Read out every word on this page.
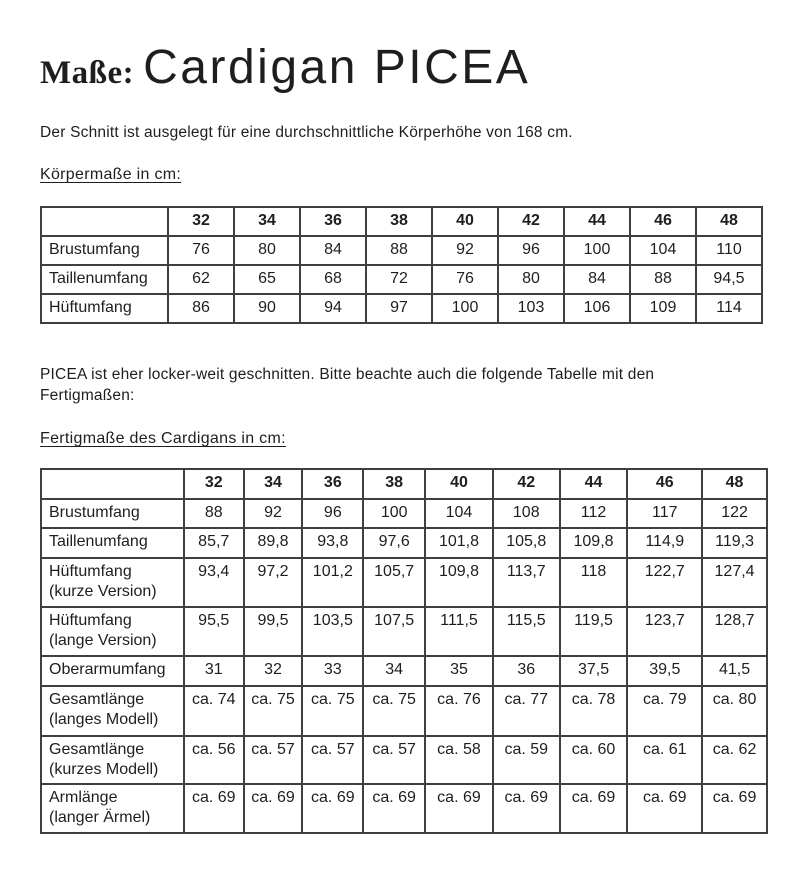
Maße: Cardigan PICEA

Der Schnitt ist ausgelegt für eine durchschnittliche Körperhöhe von 168 cm.

Körpermaße in cm:
	32	34	36	38	40	42	44	46	48
Brustumfang	76	80	84	88	92	96	100	104	110
Taillenumfang	62	65	68	72	76	80	84	88	94,5
Hüftumfang	86	90	94	97	100	103	106	109	114

PICEA ist eher locker-weit geschnitten. Bitte beachte auch die folgende Tabelle mit den
Fertigmaßen:

Fertigmaße des Cardigans in cm:
	32	34	36	38	40	42	44	46	48
Brustumfang	88	92	96	100	104	108	112	117	122
Taillenumfang	85,7	89,8	93,8	97,6	101,8	105,8	109,8	114,9	119,3
Hüftumfang
(kurze Version)	93,4	97,2	101,2	105,7	109,8	113,7	118	122,7	127,4
Hüftumfang
(lange Version)	95,5	99,5	103,5	107,5	111,5	115,5	119,5	123,7	128,7
Oberarmumfang	31	32	33	34	35	36	37,5	39,5	41,5
Gesamtlänge
(langes Modell)	ca. 74	ca. 75	ca. 75	ca. 75	ca. 76	ca. 77	ca. 78	ca. 79	ca. 80
Gesamtlänge
(kurzes Modell)	ca. 56	ca. 57	ca. 57	ca. 57	ca. 58	ca. 59	ca. 60	ca. 61	ca. 62
Armlänge
(langer Ärmel)	ca. 69	ca. 69	ca. 69	ca. 69	ca. 69	ca. 69	ca. 69	ca. 69	ca. 69
